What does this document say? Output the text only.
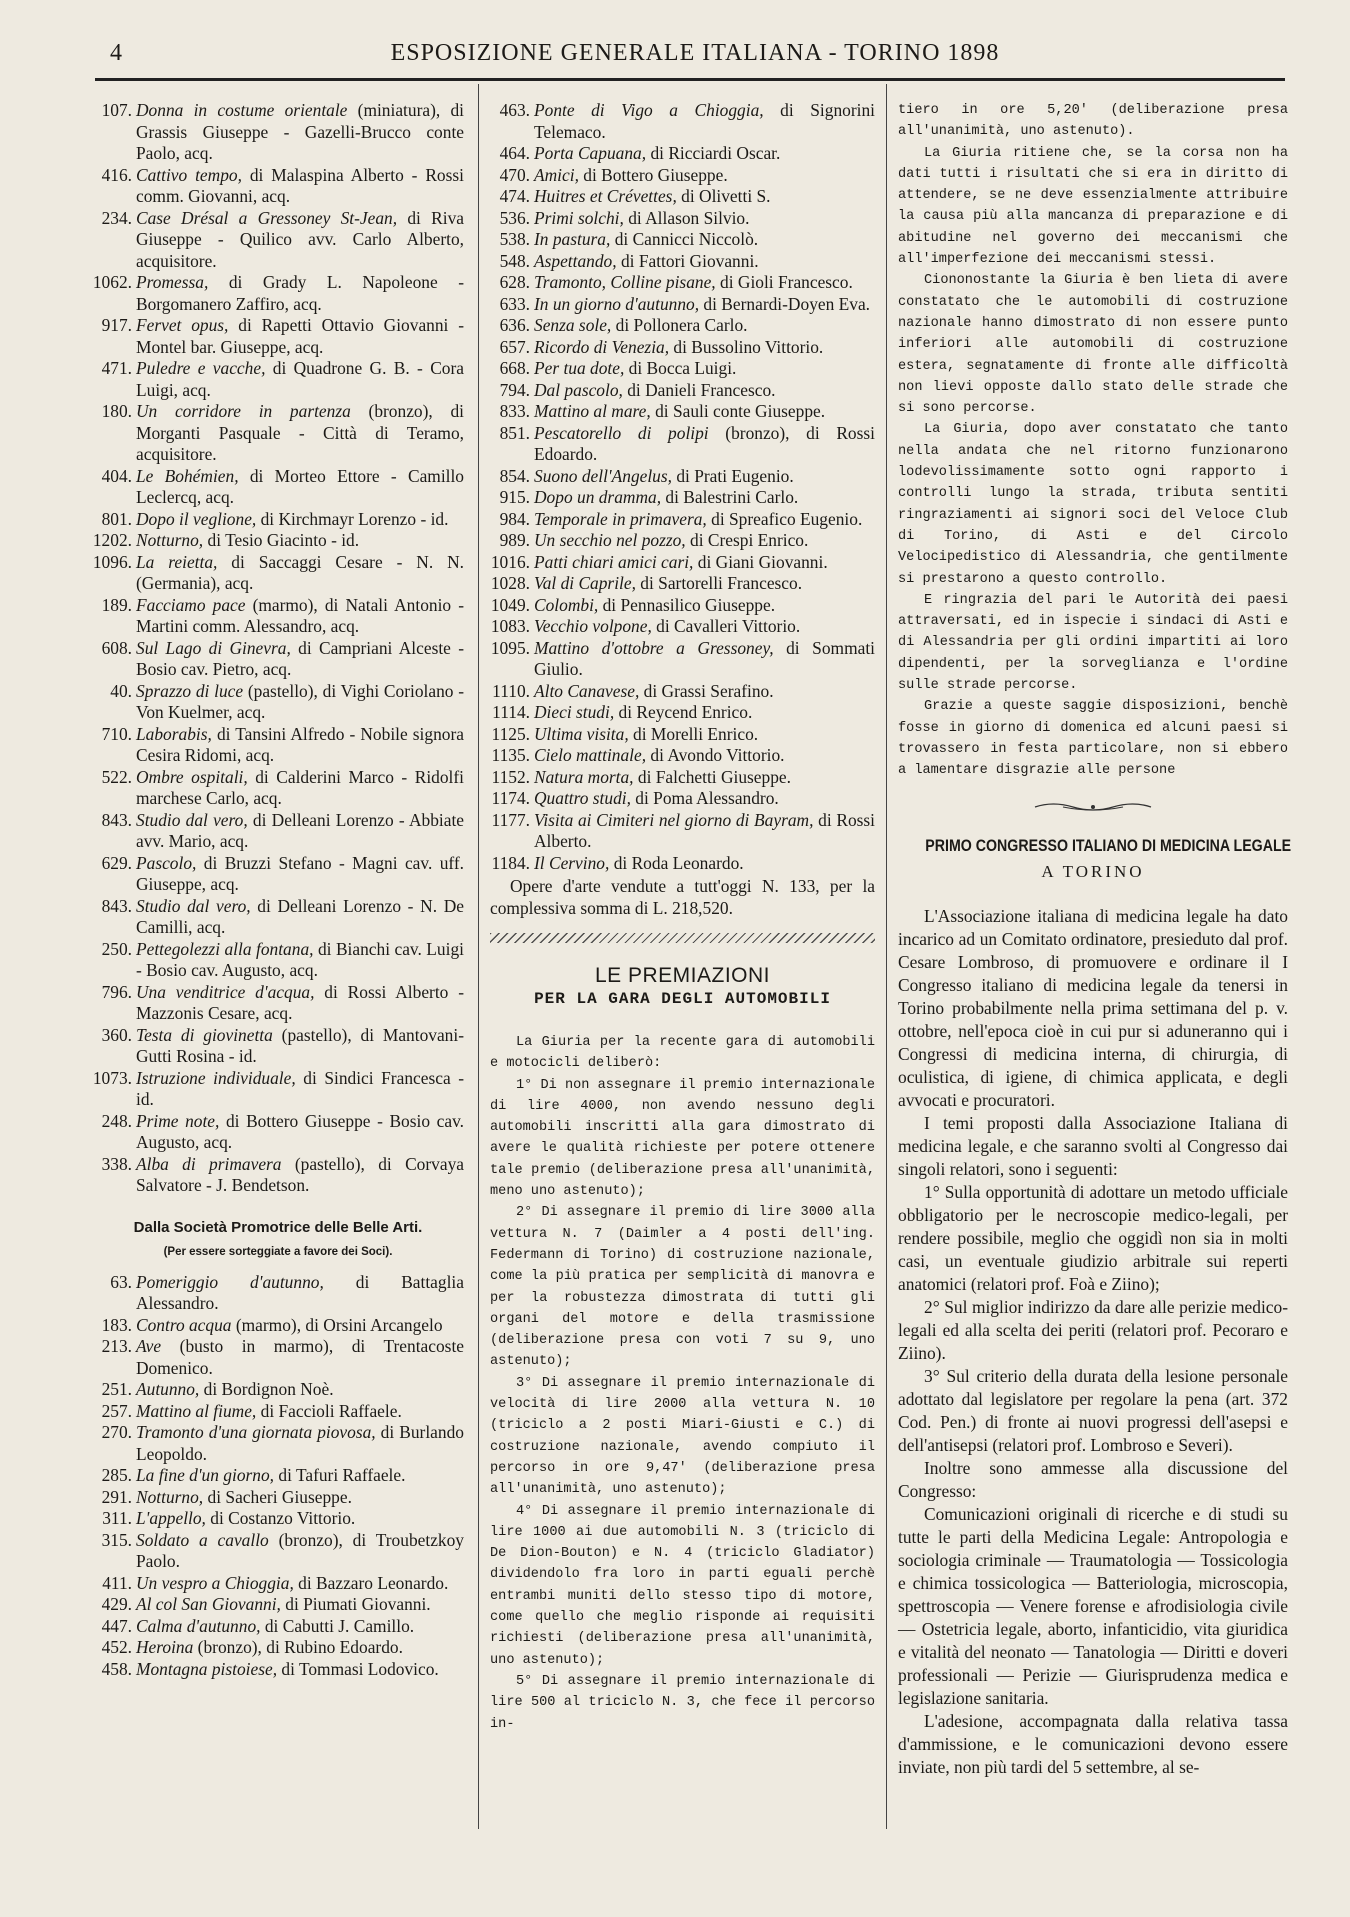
4	ESPOSIZIONE GENERALE ITALIANA - TORINO 1898
107. Donna in costume orientale (miniatura), di Grassis Giuseppe - Gazelli-Brucco conte Paolo, acq.
416. Cattivo tempo, di Malaspina Alberto - Rossi comm. Giovanni, acq.
234. Case Drésal a Gressoney St-Jean, di Riva Giuseppe - Quilico avv. Carlo Alberto, acquisitore.
1062. Promessa, di Grady L. Napoleone - Borgomanero Zaffiro, acq.
917. Fervet opus, di Rapetti Ottavio Giovanni - Montel bar. Giuseppe, acq.
471. Puledre e vacche, di Quadrone G. B. - Cora Luigi, acq.
180. Un corridore in partenza (bronzo), di Morganti Pasquale - Città di Teramo, acquisitore.
404. Le Bohémien, di Morteo Ettore - Camillo Leclercq, acq.
801. Dopo il veglione, di Kirchmayr Lorenzo - id.
1202. Notturno, di Tesio Giacinto - id.
1096. La reietta, di Saccaggi Cesare - N. N. (Germania), acq.
189. Facciamo pace (marmo), di Natali Antonio - Martini comm. Alessandro, acq.
608. Sul Lago di Ginevra, di Campriani Alceste - Bosio cav. Pietro, acq.
40. Sprazzo di luce (pastello), di Vighi Coriolano - Von Kuelmer, acq.
710. Laborabis, di Tansini Alfredo - Nobile signora Cesira Ridomi, acq.
522. Ombre ospitali, di Calderini Marco - Ridolfi marchese Carlo, acq.
843. Studio dal vero, di Delleani Lorenzo - Abbiate avv. Mario, acq.
629. Pascolo, di Bruzzi Stefano - Magni cav. uff. Giuseppe, acq.
843. Studio dal vero, di Delleani Lorenzo - N. De Camilli, acq.
250. Pettegolezzi alla fontana, di Bianchi cav. Luigi - Bosio cav. Augusto, acq.
796. Una venditrice d'acqua, di Rossi Alberto - Mazzonis Cesare, acq.
360. Testa di giovinetta (pastello), di Mantovani-Gutti Rosina - id.
1073. Istruzione individuale, di Sindici Francesca - id.
248. Prime note, di Bottero Giuseppe - Bosio cav. Augusto, acq.
338. Alba di primavera (pastello), di Corvaya Salvatore - J. Bendetson.
Dalla Società Promotrice delle Belle Arti.
(Per essere sorteggiate a favore dei Soci).
63. Pomeriggio d'autunno, di Battaglia Alessandro.
183. Contro acqua (marmo), di Orsini Arcangelo
213. Ave (busto in marmo), di Trentacoste Domenico.
251. Autunno, di Bordignon Noè.
257. Mattino al fiume, di Faccioli Raffaele.
270. Tramonto d'una giornata piovosa, di Burlando Leopoldo.
285. La fine d'un giorno, di Tafuri Raffaele.
291. Notturno, di Sacheri Giuseppe.
311. L'appello, di Costanzo Vittorio.
315. Soldato a cavallo (bronzo), di Troubetzkoy Paolo.
411. Un vespro a Chioggia, di Bazzaro Leonardo.
429. Al col San Giovanni, di Piumati Giovanni.
447. Calma d'autunno, di Cabutti J. Camillo.
452. Heroina (bronzo), di Rubino Edoardo.
458. Montagna pistoiese, di Tommasi Lodovico.
463. Ponte di Vigo a Chioggia, di Signorini Telemaco.
464. Porta Capuana, di Ricciardi Oscar.
470. Amici, di Bottero Giuseppe.
474. Huitres et Crévettes, di Olivetti S.
536. Primi solchi, di Allason Silvio.
538. In pastura, di Cannicci Niccolò.
548. Aspettando, di Fattori Giovanni.
628. Tramonto, Colline pisane, di Gioli Francesco.
633. In un giorno d'autunno, di Bernardi-Doyen Eva.
636. Senza sole, di Pollonera Carlo.
657. Ricordo di Venezia, di Bussolino Vittorio.
668. Per tua dote, di Bocca Luigi.
794. Dal pascolo, di Danieli Francesco.
833. Mattino al mare, di Sauli conte Giuseppe.
851. Pescatorello di polipi (bronzo), di Rossi Edoardo.
854. Suono dell'Angelus, di Prati Eugenio.
915. Dopo un dramma, di Balestrini Carlo.
984. Temporale in primavera, di Spreafico Eugenio.
989. Un secchio nel pozzo, di Crespi Enrico.
1016. Patti chiari amici cari, di Giani Giovanni.
1028. Val di Caprile, di Sartorelli Francesco.
1049. Colombi, di Pennasilico Giuseppe.
1083. Vecchio volpone, di Cavalleri Vittorio.
1095. Mattino d'ottobre a Gressoney, di Sommati Giulio.
1110. Alto Canavese, di Grassi Serafino.
1114. Dieci studi, di Reycend Enrico.
1125. Ultima visita, di Morelli Enrico.
1135. Cielo mattinale, di Avondo Vittorio.
1152. Natura morta, di Falchetti Giuseppe.
1174. Quattro studi, di Poma Alessandro.
1177. Visita ai Cimiteri nel giorno di Bayram, di Rossi Alberto.
1184. Il Cervino, di Roda Leonardo.
Opere d'arte vendute a tutt'oggi N. 133, per la complessiva somma di L. 218,520.
LE PREMIAZIONI
PER LA GARA DEGLI AUTOMOBILI

La Giuria per la recente gara di automobili e motocicli deliberò:

1° Di non assegnare il premio internazionale di lire 4000, non avendo nessuno degli automobili inscritti alla gara dimostrato di avere le qualità richieste per potere ottenere tale premio (deliberazione presa all'unanimità, meno uno astenuto);

2° Di assegnare il premio di lire 3000 alla vettura N. 7 (Daimler a 4 posti dell'ing. Federmann di Torino) di costruzione nazionale, come la più pratica per semplicità di manovra e per la robustezza dimostrata di tutti gli organi del motore e della trasmissione (deliberazione presa con voti 7 su 9, uno astenuto);

3° Di assegnare il premio internazionale di velocità di lire 2000 alla vettura N. 10 (triciclo a 2 posti Miari-Giusti e C.) di costruzione nazionale, avendo compiuto il percorso in ore 9,47′ (deliberazione presa all'unanimità, uno astenuto);

4° Di assegnare il premio internazionale di lire 1000 ai due automobili N. 3 (triciclo di De Dion-Bouton) e N. 4 (triciclo Gladiator) dividendolo fra loro in parti eguali perchè entrambi muniti dello stesso tipo di motore, come quello che meglio risponde ai requisiti richiesti (deliberazione presa all'unanimità, uno astenuto);

5° Di assegnare il premio internazionale di lire 500 al triciclo N. 3, che fece il percorso in-

tiero in ore 5,20′ (deliberazione presa all'unanimità, uno astenuto).

La Giuria ritiene che, se la corsa non ha dati tutti i risultati che si era in diritto di attendere, se ne deve essenzialmente attribuire la causa più alla mancanza di preparazione e di abitudine nel governo dei meccanismi che all'imperfezione dei meccanismi stessi.

Ciononostante la Giuria è ben lieta di avere constatato che le automobili di costruzione nazionale hanno dimostrato di non essere punto inferiori alle automobili di costruzione estera, segnatamente di fronte alle difficoltà non lievi opposte dallo stato delle strade che si sono percorse.

La Giuria, dopo aver constatato che tanto nella andata che nel ritorno funzionarono lodevolissimamente sotto ogni rapporto i controlli lungo la strada, tributa sentiti ringraziamenti ai signori soci del Veloce Club di Torino, di Asti e del Circolo Velocipedistico di Alessandria, che gentilmente si prestarono a questo controllo.

E ringrazia del pari le Autorità dei paesi attraversati, ed in ispecie i sindaci di Asti e di Alessandria per gli ordini impartiti ai loro dipendenti, per la sorveglianza e l'ordine sulle strade percorse.

Grazie a queste saggie disposizioni, benchè fosse in giorno di domenica ed alcuni paesi si trovassero in festa particolare, non si ebbero a lamentare disgrazie alle persone

PRIMO CONGRESSO ITALIANO DI MEDICINA LEGALE
A TORINO

L'Associazione italiana di medicina legale ha dato incarico ad un Comitato ordinatore, presieduto dal prof. Cesare Lombroso, di promuovere e ordinare il I Congresso italiano di medicina legale da tenersi in Torino probabilmente nella prima settimana del p. v. ottobre, nell'epoca cioè in cui pur si aduneranno qui i Congressi di medicina interna, di chirurgia, di oculistica, di igiene, di chimica applicata, e degli avvocati e procuratori.

I temi proposti dalla Associazione Italiana di medicina legale, e che saranno svolti al Congresso dai singoli relatori, sono i seguenti:

1° Sulla opportunità di adottare un metodo ufficiale obbligatorio per le necroscopie medico-legali, per rendere possibile, meglio che oggidì non sia in molti casi, un eventuale giudizio arbitrale sui reperti anatomici (relatori prof. Foà e Ziino);

2° Sul miglior indirizzo da dare alle perizie medico-legali ed alla scelta dei periti (relatori prof. Pecoraro e Ziino).

3° Sul criterio della durata della lesione personale adottato dal legislatore per regolare la pena (art. 372 Cod. Pen.) di fronte ai nuovi progressi dell'asepsi e dell'antisepsi (relatori prof. Lombroso e Severi).

Inoltre sono ammesse alla discussione del Congresso:

Comunicazioni originali di ricerche e di studi su tutte le parti della Medicina Legale: Antropologia e sociologia criminale — Traumatologia — Tossicologia e chimica tossicologica — Batteriologia, microscopia, spettroscopia — Venere forense e afrodisiologia civile — Ostetricia legale, aborto, infanticidio, vita giuridica e vitalità del neonato — Tanatologia — Diritti e doveri professionali — Perizie — Giurisprudenza medica e legislazione sanitaria.

L'adesione, accompagnata dalla relativa tassa d'ammissione, e le comunicazioni devono essere inviate, non più tardi del 5 settembre, al se-
